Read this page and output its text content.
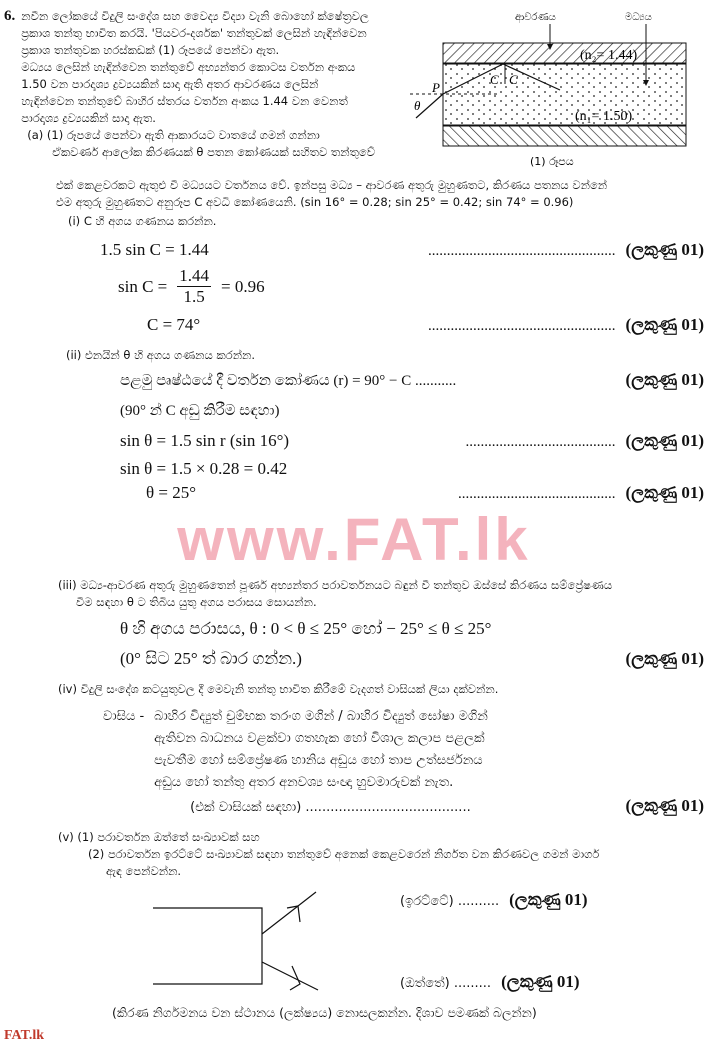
6. නවීන ලෝකයේ විදුලි සංදේශ සහ වෛද්‍ය විද්‍යා වැනි බොහෝ ක්ෂේත්‍රවල
ප්‍රකාශ තන්තු භාවිත කරයි. 'පියවර-දර්ශක' තන්තුවක් ලෙසින් හැඳින්වෙන
ප්‍රකාශ තන්තුවක හරස්කඩක් (1) රූපයේ පෙන්වා ඇත.
මධ්‍යය ලෙසින් හැඳින්වෙන තන්තුවේ අභ්‍යන්තර කොටස වර්තන අංකය
1.50 වන පාරදෘශ්‍ය ද්‍රව්‍යයකින් සාදා ඇති අතර ආවරණය ලෙසින්
හැඳින්වෙන තන්තුවේ බාහිර ස්තරය වර්තන අංකය 1.44 වන වෙනත්
පාරදෘශ්‍ය ද්‍රව්‍යයකින් සාදා ඇත.
(a) (1) රූපයේ පෙන්වා ඇති ආකාරයට වාතයේ ගමන් ගන්නා
ඒකවර්ණ ආලෝක කිරණයක් θ පතන කෝණයක් සහිතව තන්තුවේ
ආවරණය	මධ්‍යය
(n₂= 1.44)
(n₁= 1.50)
P
θ
C C
(1) රූපය
එක් කෙළවරකට ඇතුළු වී මධ්‍යයට වර්තනය වේ. ඉන්පසු මධ්‍ය – ආවරණ අතුරු මුහුණතට, කිරණය පතනය වන්නේ
එම අතුරු මුහුණතට අනුරූප C අවධි කෝණයෙනි. (sin 16° = 0.28; sin 25° = 0.42; sin 74° = 0.96)
(i) C හි අගය ගණනය කරන්න.
1.5 sin C = 1.44	.................................................. (ලකුණු 01)
$\sin C = \frac{1.44}{1.5} = 0.96$
C = 74°	.................................................. (ලකුණු 01)
(ii) එනයින් θ හි අගය ගණනය කරන්න.
පළමු පෘෂ්ඨයේ දී වර්තන කෝණය (r) = 90° − C ...........	(ලකුණු 01)
(90° න් C අඩු කිරීම සඳහා)
sin θ = 1.5 sin r (sin 16°)	........................................ (ලකුණු 01)
sin θ = 1.5 × 0.28 = 0.42
θ = 25°	.......................................... (ලකුණු 01)
www.FAT.lk
(iii) මධ්‍ය-ආවරණ අතුරු මුහුණතෙන් පූර්ණ අභ්‍යන්තර පරාවර්තනයට බඳුන් වී තන්තුව ඔස්සේ කිරණය සම්ප්‍රේෂණය
වීම සඳහා θ ට තිබිය යුතු අගය පරාසය සොයන්න.
θ හි අගය පරාසය, θ : 0 < θ ≤ 25° හෝ − 25° ≤ θ ≤ 25°
(0° සිට 25° ත් බාර ගන්න.)	(ලකුණු 01)
(iv) විදුලි සංදේශ කටයුතුවල දී මෙවැනි තන්තු භාවිත කිරීමේ වැදගත් වාසියක් ලියා දක්වන්න.
වාසිය - බාහිර විද්‍යුත් චුම්භක තරංග මගින් / බාහිර විද්‍යුත් ඝෝෂා මගින්
ඇතිවන බාධනය වළක්වා ගතහැක හෝ විශාල කලාප පළලක්
පැවතීම හෝ සම්ප්‍රේෂණ හානිය අඩුය හෝ තාප උත්සර්ජනය
අඩුය හෝ තන්තු අතර අනවශ්‍ය සංඥා හුවමාරුවක් නැත.
(එක් වාසියක් සඳහා) ........................................	(ලකුණු 01)
(v) (1) පරාවර්තන ඔත්තේ සංඛ්‍යාවක් සහ
(2) පරාවර්තන ඉරට්ටේ සංඛ්‍යාවක් සඳහා තන්තුවේ අනෙක් කෙළවරෙන් නිර්ගත වන කිරණවල ගමන් මාර්ග
ඇඳ පෙන්වන්න.
(ඉරට්ටේ) .......... (ලකුණු 01)
(ඔත්තේ) ......... (ලකුණු 01)
(කිරණ නිර්ගමනය වන ස්ථානය (ලක්ෂ්‍යය) නොසලකන්න. දිශාව පමණක් බලන්න)
FAT.lk
